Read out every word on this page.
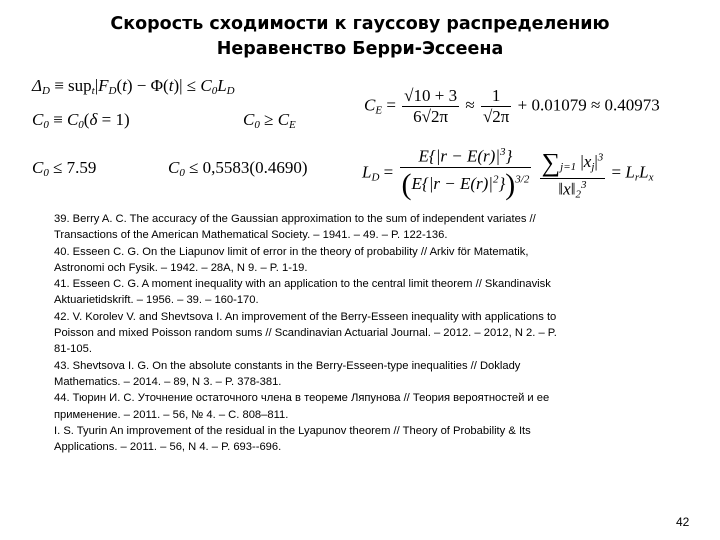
Скорость сходимости к гауссову распределению
Неравенство Берри-Эссеена
$\Delta_D \equiv sup_t|F_D(t) - \Phi(t)| \le C_0L_D$
$C_0 \equiv C_0(\delta = 1)$	$C_0 \ge C_E$
$C_0 \le 7.59$	$C_0 \le 0,5583(0.4690)$
$C_E = \frac{√10 + 3}{6√2\pi} \approx \frac{1}{√2\pi} + 0.01079 \approx 0.40973$
$L_D = \frac{E\{|r - E(r)|^3\}}{(E\{|r - E(r)|^2\})^{3/2}}$
$\frac{\sum_{j=1} |x_j|^3}{‖x‖_2^3} = L_rL_x$
39. Berry A. C. The accuracy of the Gaussian approximation to the sum of independent variates //
Transactions of the American Mathematical Society. – 1941. – 49. – P. 122-136.
40. Esseen C. G. On the Liapunov limit of error in the theory of probability // Arkiv för Matematik,
Astronomi och Fysik. – 1942. – 28A, N 9. – P. 1-19.
41. Esseen C. G. A moment inequality with an application to the central limit theorem // Skandinavisk
Aktuarietidskrift. – 1956. – 39. – 160-170.
42. V. Korolev V. and Shevtsova I. An improvement of the Berry-Esseen inequality with applications to
Poisson and mixed Poisson random sums // Scandinavian Actuarial Journal. – 2012. – 2012, N 2. – P.
81-105.
43. Shevtsova I. G. On the absolute constants in the Berry-Esseen-type inequalities // Doklady
Mathematics. – 2014. – 89, N 3. – P. 378-381.
44. Тюрин И. С. Уточнение остаточного члена в теореме Ляпунова // Теория вероятностей и ее
применение. – 2011. – 56, № 4. – С. 808–811.
I. S. Tyurin An improvement of the residual in the Lyapunov theorem // Theory of Probability & Its
Applications. – 2011. – 56, N 4. – P. 693--696.
42
